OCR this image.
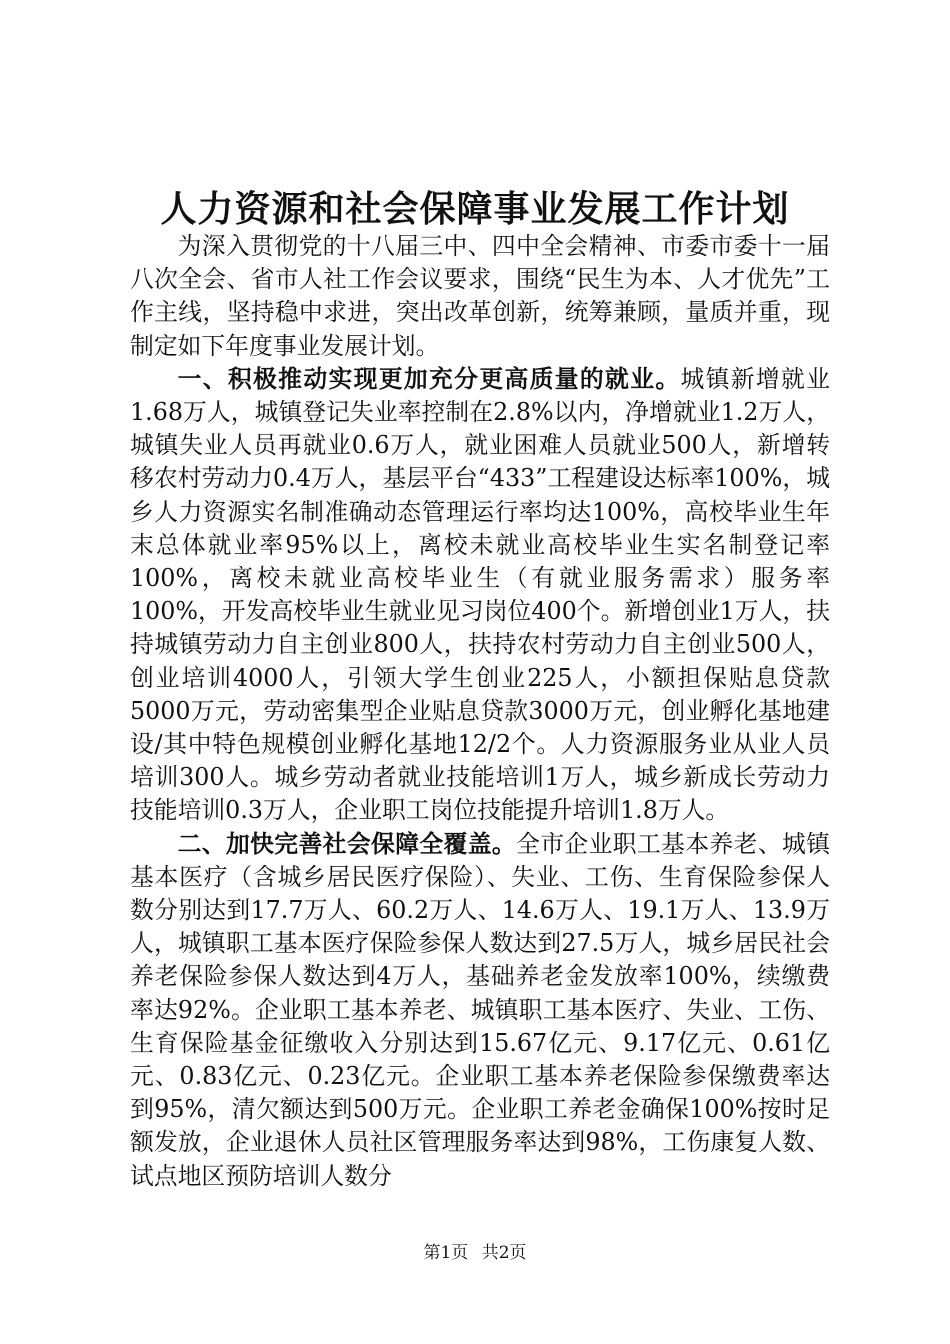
人力资源和社会保障事业发展工作计划

为深入贯彻党的十八届三中、四中全会精神、市委市委十一届八次全会、省市人社工作会议要求，围绕“民生为本、人才优先”工作主线，坚持稳中求进，突出改革创新，统筹兼顾，量质并重，现制定如下年度事业发展计划。

一、积极推动实现更加充分更高质量的就业。城镇新增就业1.68万人，城镇登记失业率控制在2.8%以内，净增就业1.2万人，城镇失业人员再就业0.6万人，就业困难人员就业500人，新增转移农村劳动力0.4万人，基层平台“433”工程建设达标率100%，城乡人力资源实名制准确动态管理运行率均达100%，高校毕业生年末总体就业率95%以上，离校未就业高校毕业生实名制登记率100%，离校未就业高校毕业生（有就业服务需求）服务率100%，开发高校毕业生就业见习岗位400个。新增创业1万人，扶持城镇劳动力自主创业800人，扶持农村劳动力自主创业500人，创业培训4000人，引领大学生创业225人，小额担保贴息贷款5000万元，劳动密集型企业贴息贷款3000万元，创业孵化基地建设/其中特色规模创业孵化基地12/2个。人力资源服务业从业人员培训300人。城乡劳动者就业技能培训1万人，城乡新成长劳动力技能培训0.3万人，企业职工岗位技能提升培训1.8万人。

二、加快完善社会保障全覆盖。全市企业职工基本养老、城镇基本医疗（含城乡居民医疗保险）、失业、工伤、生育保险参保人数分别达到17.7万人、60.2万人、14.6万人、19.1万人、13.9万人，城镇职工基本医疗保险参保人数达到27.5万人，城乡居民社会养老保险参保人数达到4万人，基础养老金发放率100%，续缴费率达92%。企业职工基本养老、城镇职工基本医疗、失业、工伤、生育保险基金征缴收入分别达到15.67亿元、9.17亿元、0.61亿元、0.83亿元、0.23亿元。企业职工基本养老保险参保缴费率达到95%，清欠额达到500万元。企业职工养老金确保100%按时足额发放，企业退休人员社区管理服务率达到98%，工伤康复人数、试点地区预防培训人数分

第1页 共2页
